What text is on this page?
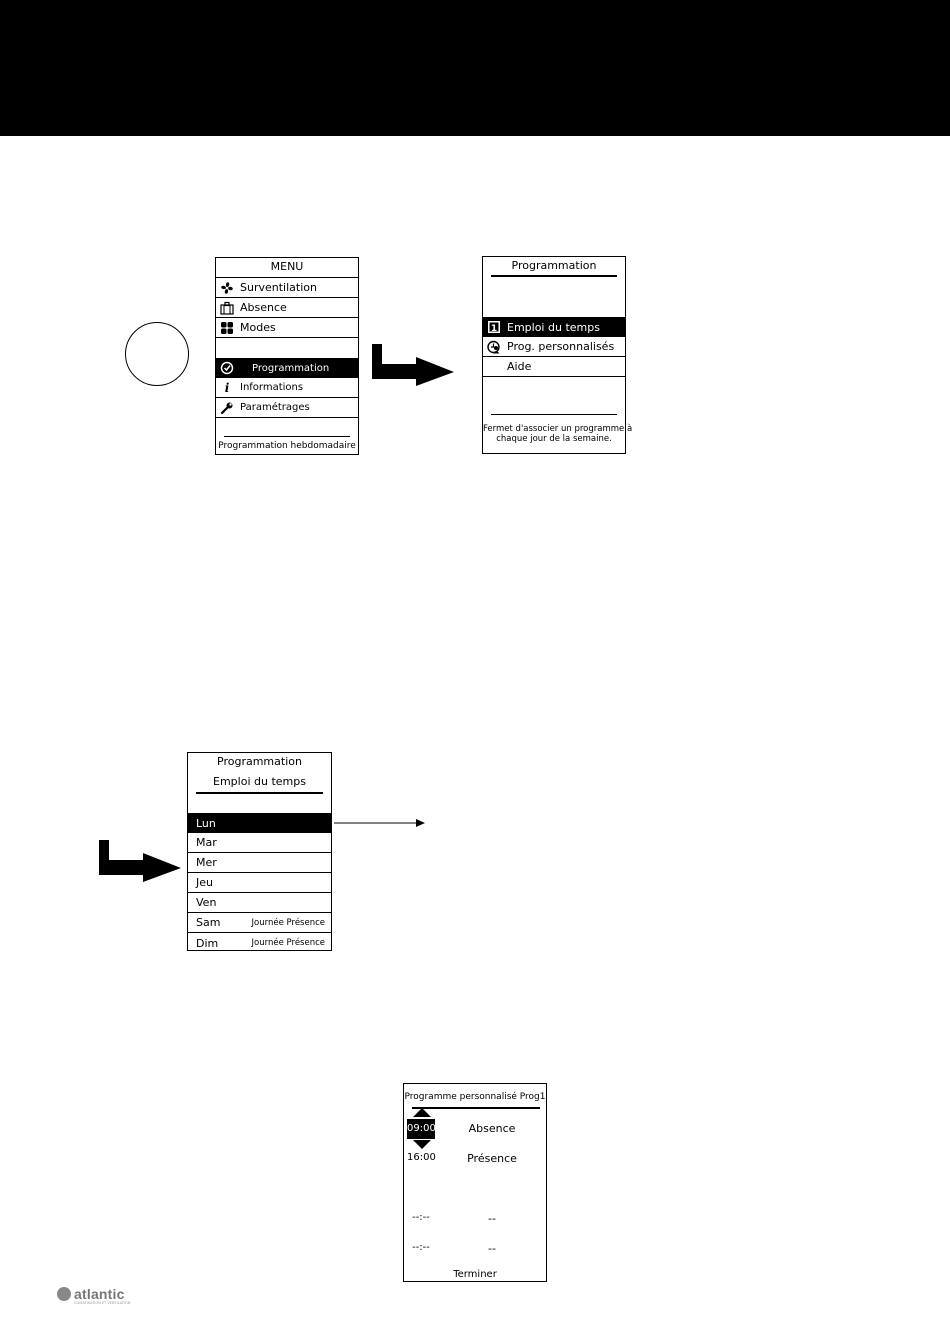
MENU
Surventilation
Absence
Modes
Programmation
i	Informations
Paramétrages
Programmation hebdomadaire
Programmation
1 Emploi du temps
Prog. personnalisés
Aide
Fermet d'associer un programme à
chaque jour de la semaine.
Programmation
Emploi du temps
Lun
Mar
Mer
Jeu
Ven
Sam	Journée Présence
Dim	Journée Présence
Programme personnalisé Prog1
09:00	Absence
16:00	Présence
--:--	--
--:--	--
Terminer
atlantic
CLIMATISATION ET VENTILATION
